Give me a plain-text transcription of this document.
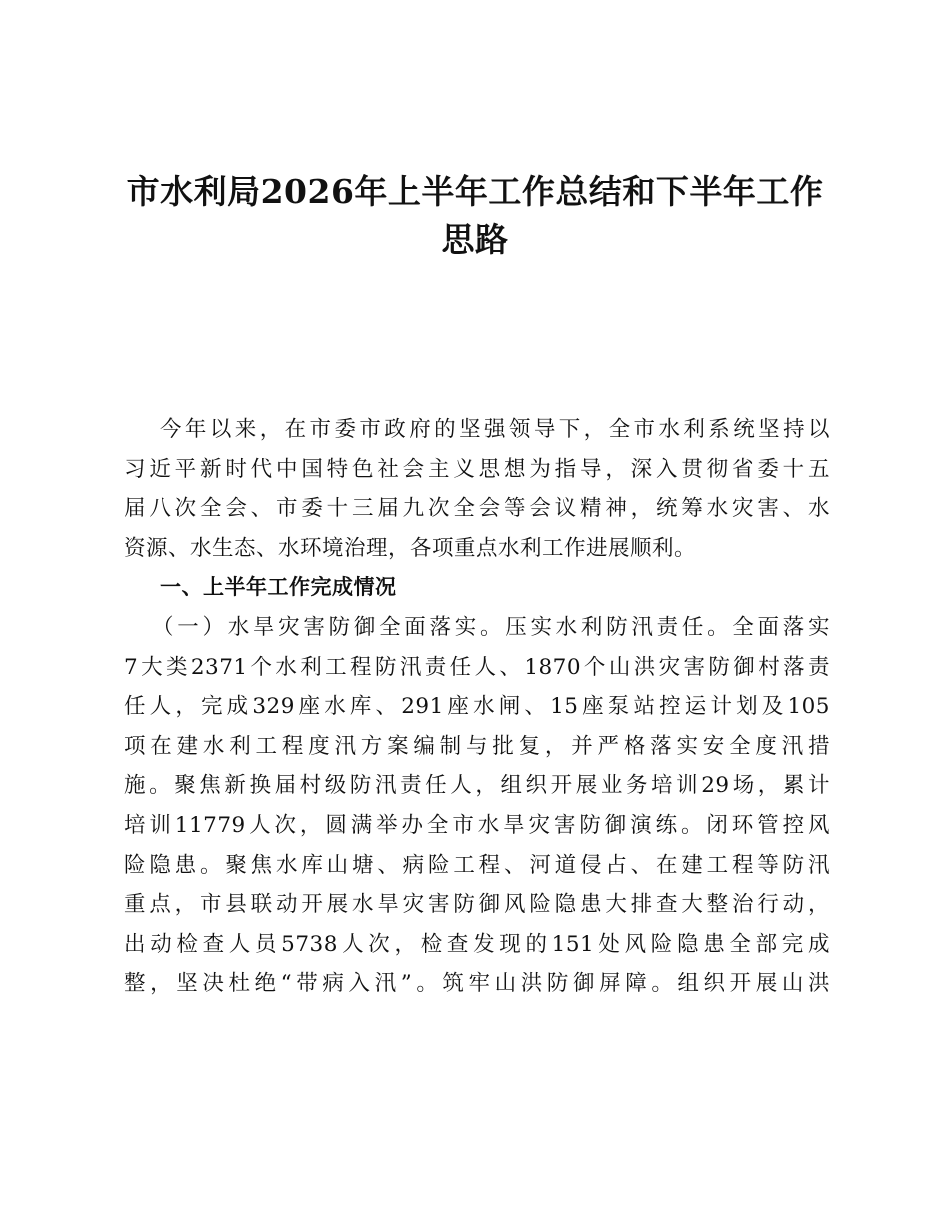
市水利局2026年上半年工作总结和下半年工作
思路
今年以来，在市委市政府的坚强领导下，全市水利系统坚持以
习近平新时代中国特色社会主义思想为指导，深入贯彻省委十五
届八次全会、市委十三届九次全会等会议精神，统筹水灾害、水
资源、水生态、水环境治理，各项重点水利工作进展顺利。
一、上半年工作完成情况
（一）水旱灾害防御全面落实。压实水利防汛责任。全面落实
7大类2371个水利工程防汛责任人、1870个山洪灾害防御村落责
任人，完成329座水库、291座水闸、15座泵站控运计划及105
项在建水利工程度汛方案编制与批复，并严格落实安全度汛措
施。聚焦新换届村级防汛责任人，组织开展业务培训29场，累计
培训11779人次，圆满举办全市水旱灾害防御演练。闭环管控风
险隐患。聚焦水库山塘、病险工程、河道侵占、在建工程等防汛
重点，市县联动开展水旱灾害防御风险隐患大排查大整治行动，
出动检查人员5738人次，检查发现的151处风险隐患全部完成
整，坚决杜绝“带病入汛”。筑牢山洪防御屏障。组织开展山洪
